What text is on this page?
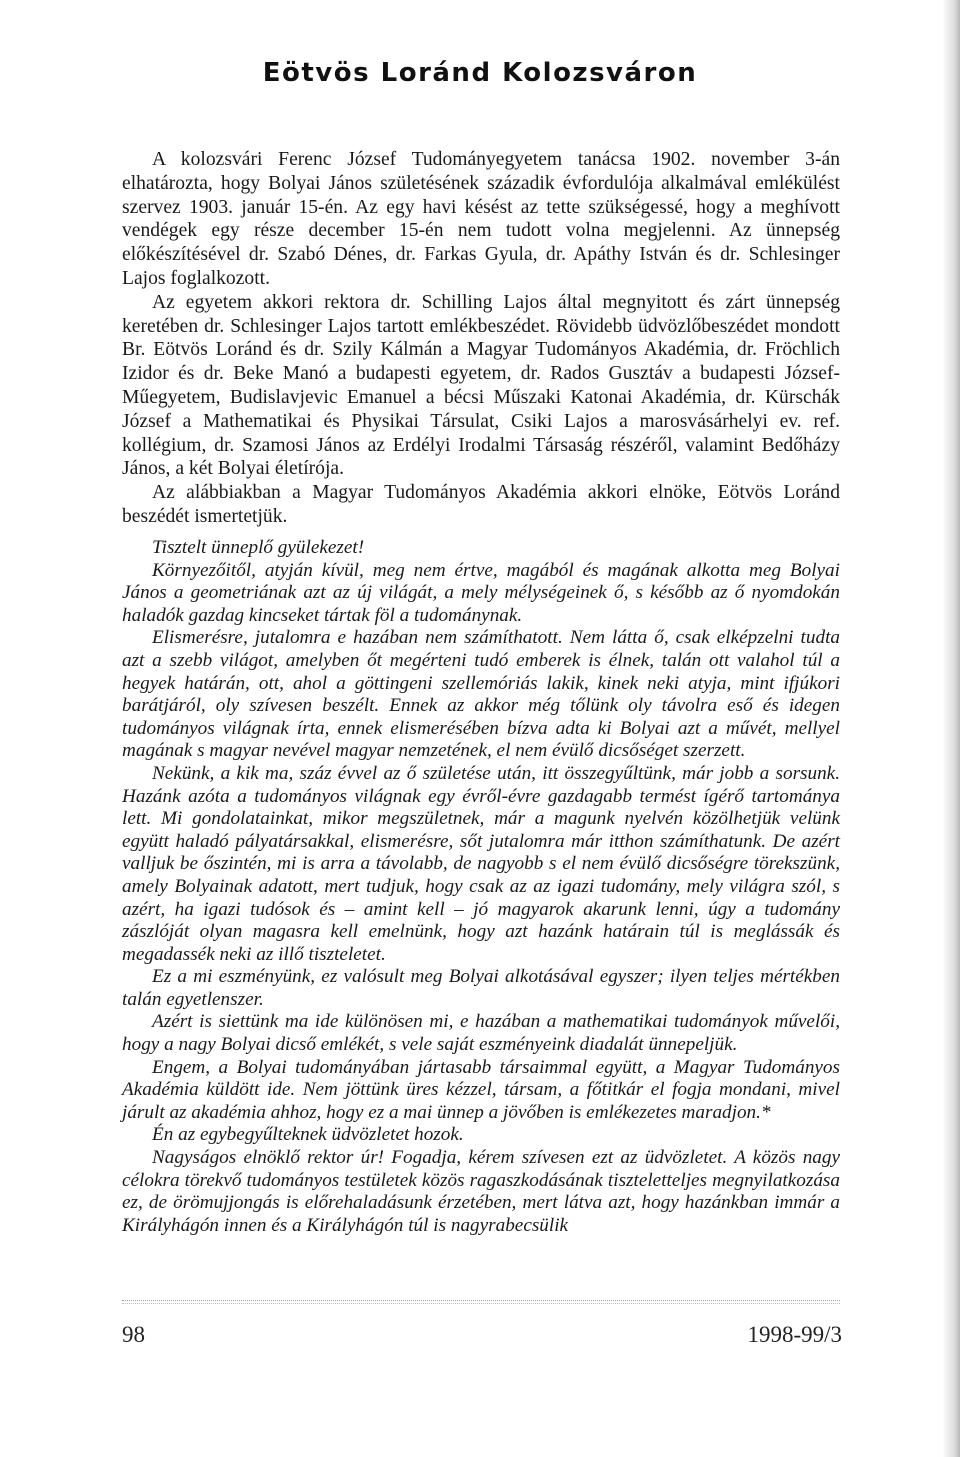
Eötvös Loránd Kolozsváron

A kolozsvári Ferenc József Tudományegyetem tanácsa 1902. november 3-án elhatározta, hogy Bolyai János születésének századik évfordulója alkalmával emlékülést szervez 1903. január 15-én. Az egy havi késést az tette szükségessé, hogy a meghívott vendégek egy része december 15-én nem tudott volna megjelenni. Az ünnepség előkészítésével dr. Szabó Dénes, dr. Farkas Gyula, dr. Apáthy István és dr. Schlesinger Lajos foglalkozott.

Az egyetem akkori rektora dr. Schilling Lajos által megnyitott és zárt ünnepség keretében dr. Schlesinger Lajos tartott emlékbeszédet. Rövidebb üdvözlőbeszédet mondott Br. Eötvös Loránd és dr. Szily Kálmán a Magyar Tudományos Akadémia, dr. Fröchlich Izidor és dr. Beke Manó a budapesti egyetem, dr. Rados Gusztáv a budapesti József-Műegyetem, Budislavjevic Emanuel a bécsi Műszaki Katonai Akadémia, dr. Kürschák József a Mathematikai és Physikai Társulat, Csiki Lajos a marosvásárhelyi ev. ref. kollégium, dr. Szamosi János az Erdélyi Irodalmi Társaság részéről, valamint Bedőházy János, a két Bolyai életírója.

Az alábbiakban a Magyar Tudományos Akadémia akkori elnöke, Eötvös Loránd beszédét ismertetjük.

Tisztelt ünneplő gyülekezet!

Környezőitől, atyján kívül, meg nem értve, magából és magának alkotta meg Bolyai János a geometriának azt az új világát, a mely mélységeinek ő, s később az ő nyomdokán haladók gazdag kincseket tártak föl a tudománynak.

Elismerésre, jutalomra e hazában nem számíthatott. Nem látta ő, csak elképzelni tudta azt a szebb világot, amelyben őt megérteni tudó emberek is élnek, talán ott valahol túl a hegyek határán, ott, ahol a göttingeni szellemóriás lakik, kinek neki atyja, mint ifjúkori barátjáról, oly szívesen beszélt. Ennek az akkor még tőlünk oly távolra eső és idegen tudományos világnak írta, ennek elismerésében bízva adta ki Bolyai azt a művét, mellyel magának s magyar nevével magyar nemzetének, el nem évülő dicsőséget szerzett.

Nekünk, a kik ma, száz évvel az ő születése után, itt összegyűltünk, már jobb a sorsunk. Hazánk azóta a tudományos világnak egy évről-évre gazdagabb termést ígérő tartománya lett. Mi gondolatainkat, mikor megszületnek, már a magunk nyelvén közölhetjük velünk együtt haladó pályatársakkal, elismerésre, sőt jutalomra már itthon számíthatunk. De azért valljuk be őszintén, mi is arra a távolabb, de nagyobb s el nem évülő dicsőségre törekszünk, amely Bolyainak adatott, mert tudjuk, hogy csak az az igazi tudomány, mely világra szól, s azért, ha igazi tudósok és – amint kell – jó magyarok akarunk lenni, úgy a tudomány zászlóját olyan magasra kell emelnünk, hogy azt hazánk határain túl is meglássák és megadassék neki az illő tiszteletet.

Ez a mi eszményünk, ez valósult meg Bolyai alkotásával egyszer; ilyen teljes mértékben talán egyetlenszer.

Azért is siettünk ma ide különösen mi, e hazában a mathematikai tudományok művelői, hogy a nagy Bolyai dicső emlékét, s vele saját eszményeink diadalát ünnepeljük.

Engem, a Bolyai tudományában jártasabb társaimmal együtt, a Magyar Tudományos Akadémia küldött ide. Nem jöttünk üres kézzel, társam, a főtitkár el fogja mondani, mivel járult az akadémia ahhoz, hogy ez a mai ünnep a jövőben is emlékezetes maradjon.*

Én az egybegyűlteknek üdvözletet hozok.

Nagyságos elnöklő rektor úr! Fogadja, kérem szívesen ezt az üdvözletet. A közös nagy célokra törekvő tudományos testületek közös ragaszkodásának tiszteletteljes megnyilatkozása ez, de örömujjongás is előrehaladásunk érzetében, mert látva azt, hogy hazánkban immár a Királyhágón innen és a Királyhágón túl is nagyrabecsülik

98	1998-99/3
